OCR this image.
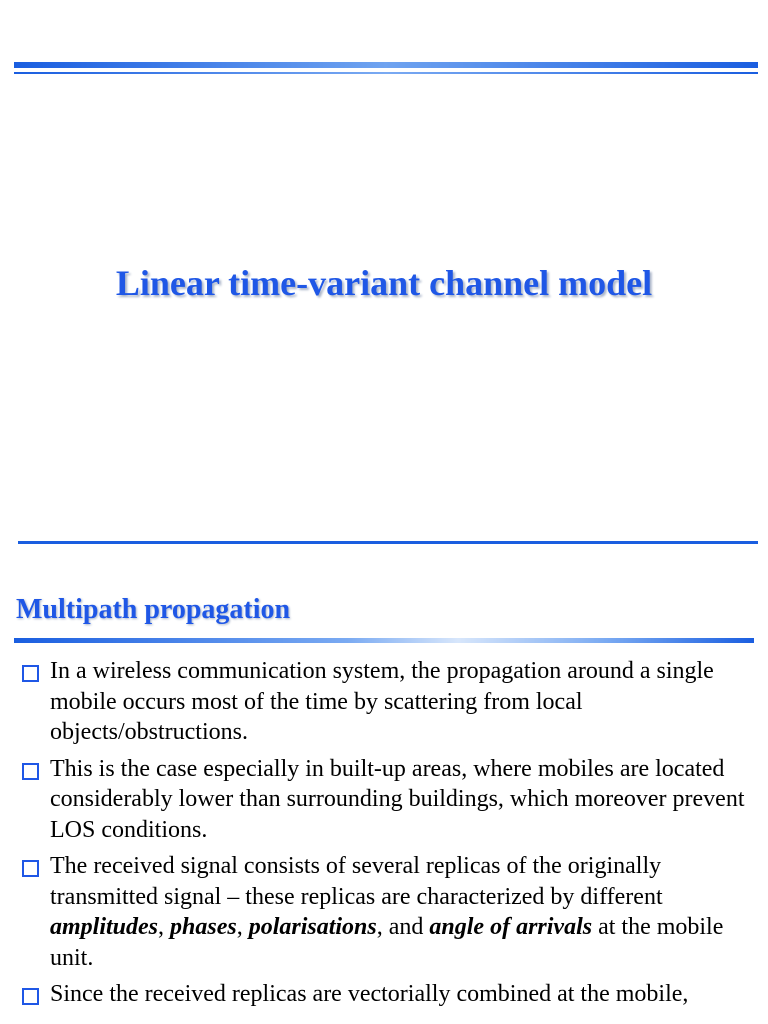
Linear time-variant channel model
Multipath propagation
In a wireless communication system, the propagation around a single mobile occurs most of the time by scattering from local objects/obstructions.
This is the case especially in built-up areas, where mobiles are located considerably lower than surrounding buildings, which moreover prevent LOS conditions.
The received signal consists of several replicas of the originally transmitted signal – these replicas are characterized by different amplitudes, phases, polarisations, and angle of arrivals at the mobile unit.
Since the received replicas are vectorially combined at the mobile,
